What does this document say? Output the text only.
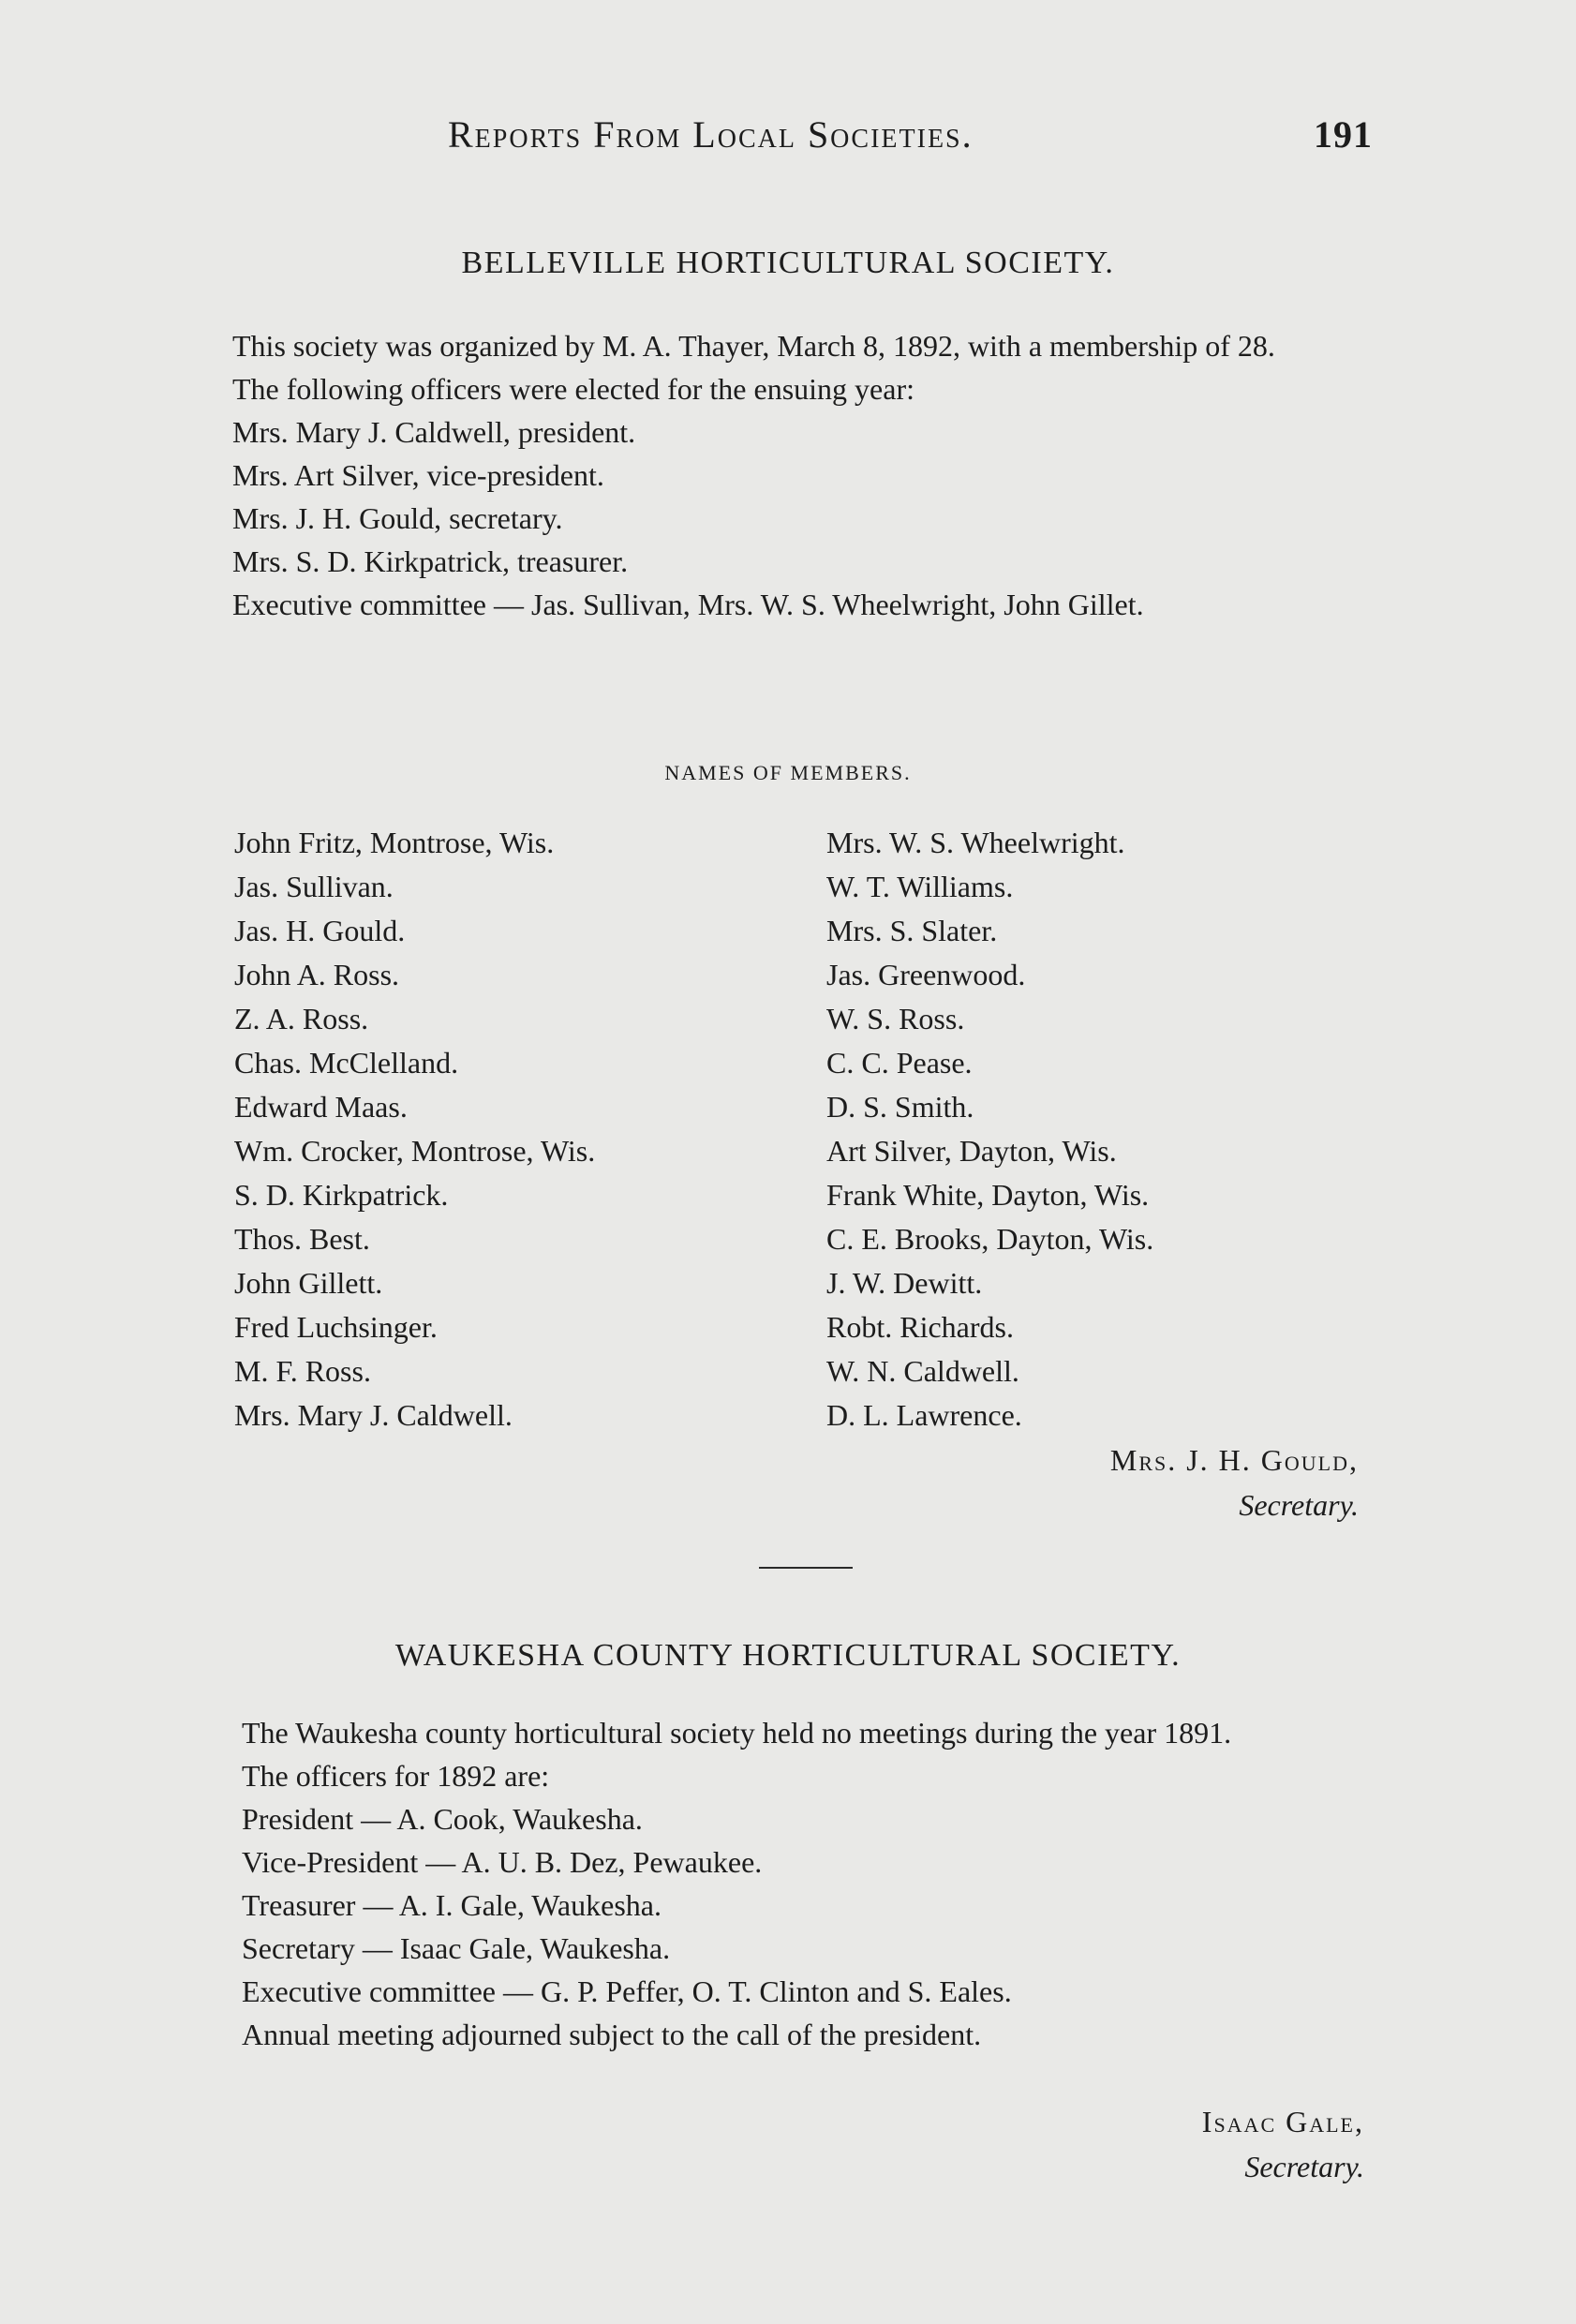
Reports From Local Societies.	191
BELLEVILLE HORTICULTURAL SOCIETY.

This society was organized by M. A. Thayer, March 8, 1892, with a membership of 28.

The following officers were elected for the ensuing year:
Mrs. Mary J. Caldwell, president.
Mrs. Art Silver, vice-president.
Mrs. J. H. Gould, secretary.
Mrs. S. D. Kirkpatrick, treasurer.

Executive committee — Jas. Sullivan, Mrs. W. S. Wheelwright, John Gillet.

NAMES OF MEMBERS.
John Fritz, Montrose, Wis.
Jas. Sullivan.
Jas. H. Gould.
John A. Ross.
Z. A. Ross.
Chas. McClelland.
Edward Maas.
Wm. Crocker, Montrose, Wis.
S. D. Kirkpatrick.
Thos. Best.
John Gillett.
Fred Luchsinger.
M. F. Ross.
Mrs. Mary J. Caldwell.
Mrs. W. S. Wheelwright.
W. T. Williams.
Mrs. S. Slater.
Jas. Greenwood.
W. S. Ross.
C. C. Pease.
D. S. Smith.
Art Silver, Dayton, Wis.
Frank White, Dayton, Wis.
C. E. Brooks, Dayton, Wis.
J. W. Dewitt.
Robt. Richards.
W. N. Caldwell.
D. L. Lawrence.
Mrs. J. H. Gould,
Secretary.
WAUKESHA COUNTY HORTICULTURAL SOCIETY.

The Waukesha county horticultural society held no meetings during the year 1891.

The officers for 1892 are:
President — A. Cook, Waukesha.
Vice-President — A. U. B. Dez, Pewaukee.
Treasurer — A. I. Gale, Waukesha.
Secretary — Isaac Gale, Waukesha.
Executive committee — G. P. Peffer, O. T. Clinton and S. Eales.
Annual meeting adjourned subject to the call of the president.
Isaac Gale,
Secretary.
